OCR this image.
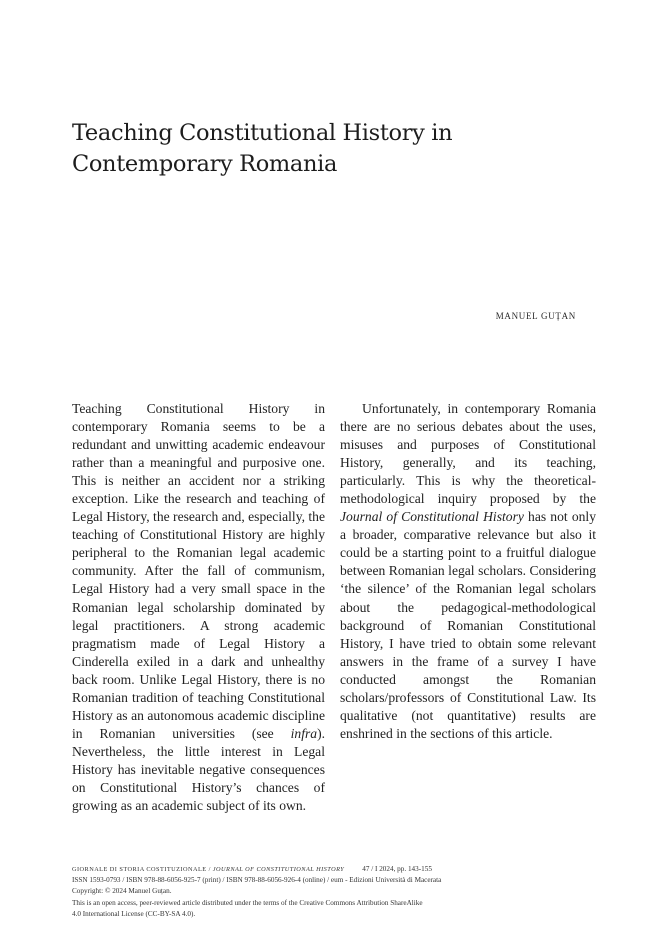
Teaching Constitutional History in Contemporary Romania
MANUEL GUȚAN

Teaching Constitutional History in contemporary Romania seems to be a redundant and unwitting academic endeavour rather than a meaningful and purposive one. This is neither an accident nor a striking exception. Like the research and teaching of Legal History, the research and, especially, the teaching of Constitutional History are highly peripheral to the Romanian legal academic community. After the fall of communism, Legal History had a very small space in the Romanian legal scholarship dominated by legal practitioners. A strong academic pragmatism made of Legal History a Cinderella exiled in a dark and unhealthy back room. Unlike Legal History, there is no Romanian tradition of teaching Constitutional History as an autonomous academic discipline in Romanian universities (see infra). Nevertheless, the little interest in Legal History has inevitable negative consequences on Constitutional History’s chances of growing as an academic subject of its own.

Unfortunately, in contemporary Romania there are no serious debates about the uses, misuses and purposes of Constitutional History, generally, and its teaching, particularly. This is why the theoretical-methodological inquiry proposed by the Journal of Constitutional History has not only a broader, comparative relevance but also it could be a starting point to a fruitful dialogue between Romanian legal scholars. Considering ‘the silence’ of the Romanian legal scholars about the pedagogical-methodological background of Romanian Constitutional History, I have tried to obtain some relevant answers in the frame of a survey I have conducted amongst the Romanian scholars/professors of Constitutional Law. Its qualitative (not quantitative) results are enshrined in the sections of this article.

GIORNALE DI STORIA COSTITUZIONALE / JOURNAL OF CONSTITUTIONAL HISTORY	47 / I 2024, pp. 143-155
ISSN 1593-0793 / ISBN 978-88-6056-925-7 (print) / ISBN 978-88-6056-926-4 (online) / eum - Edizioni Università di Macerata
Copyright: © 2024 Manuel Guțan.
This is an open access, peer-reviewed article distributed under the terms of the Creative Commons Attribution ShareAlike
4.0 International License (CC-BY-SA 4.0).
